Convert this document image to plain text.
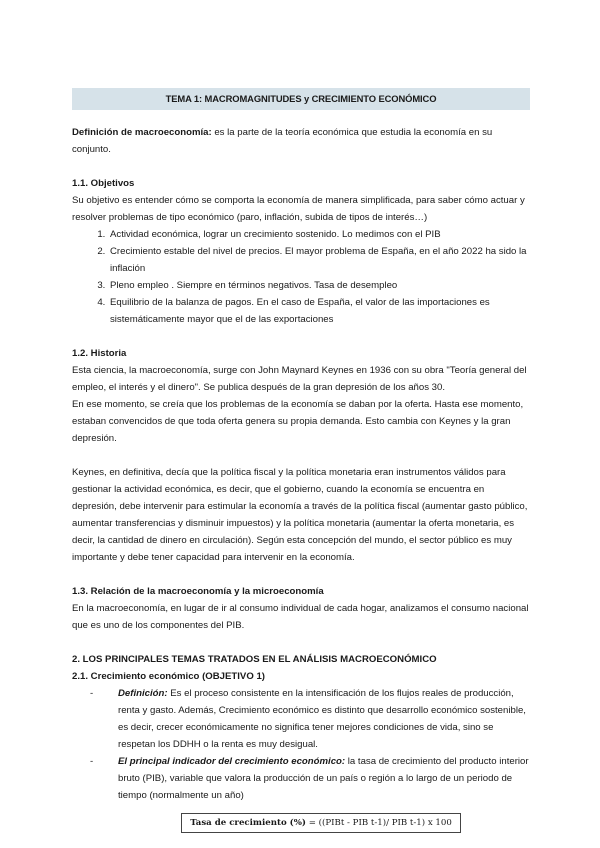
TEMA 1: MACROMAGNITUDES y CRECIMIENTO ECONÓMICO

Definición de macroeconomía: es la parte de la teoría económica que estudia la economía en su conjunto.

1.1. Objetivos

Su objetivo es entender cómo se comporta la economía de manera simplificada, para saber cómo actuar y resolver problemas de tipo económico (paro, inflación, subida de tipos de interés…)

1. Actividad económica, lograr un crecimiento sostenido. Lo medimos con el PIB
2. Crecimiento estable del nivel de precios. El mayor problema de España, en el año 2022 ha sido la inflación
3. Pleno empleo . Siempre en términos negativos. Tasa de desempleo
4. Equilibrio de la balanza de pagos. En el caso de España, el valor de las importaciones es sistemáticamente mayor que el de las exportaciones

1.2. Historia

Esta ciencia, la macroeconomía, surge con John Maynard Keynes en 1936 con su obra "Teoría general del empleo, el interés y el dinero". Se publica después de la gran depresión de los años 30.

En ese momento, se creía que los problemas de la economía se daban por la oferta. Hasta ese momento, estaban convencidos de que toda oferta genera su propia demanda. Esto cambia con Keynes y la gran depresión.

Keynes, en definitiva, decía que la política fiscal y la política monetaria eran instrumentos válidos para gestionar la actividad económica, es decir, que el gobierno, cuando la economía se encuentra en depresión, debe intervenir para estimular la economía a través de la política fiscal (aumentar gasto público, aumentar transferencias y disminuir impuestos) y la política monetaria (aumentar la oferta monetaria, es decir, la cantidad de dinero en circulación). Según esta concepción del mundo, el sector público es muy importante y debe tener capacidad para intervenir en la economía.

1.3. Relación de la macroeconomía y la microeconomía

En la macroeconomía, en lugar de ir al consumo individual de cada hogar, analizamos el consumo nacional que es uno de los componentes del PIB.

2. LOS PRINCIPALES TEMAS TRATADOS EN EL ANÁLISIS MACROECONÓMICO

2.1. Crecimiento económico (OBJETIVO 1)

-	Definición: Es el proceso consistente en la intensificación de los flujos reales de producción, renta y gasto. Además, Crecimiento económico es distinto que desarrollo económico sostenible, es decir, crecer económicamente no significa tener mejores condiciones de vida, sino se respetan los DDHH o la renta es muy desigual.
-	El principal indicador del crecimiento económico: la tasa de crecimiento del producto interior bruto (PIB), variable que valora la producción de un país o región a lo largo de un periodo de tiempo (normalmente un año)
Tasa de crecimiento (%) = ((PIBt - PIB t-1)/ PIB t-1) x 100
